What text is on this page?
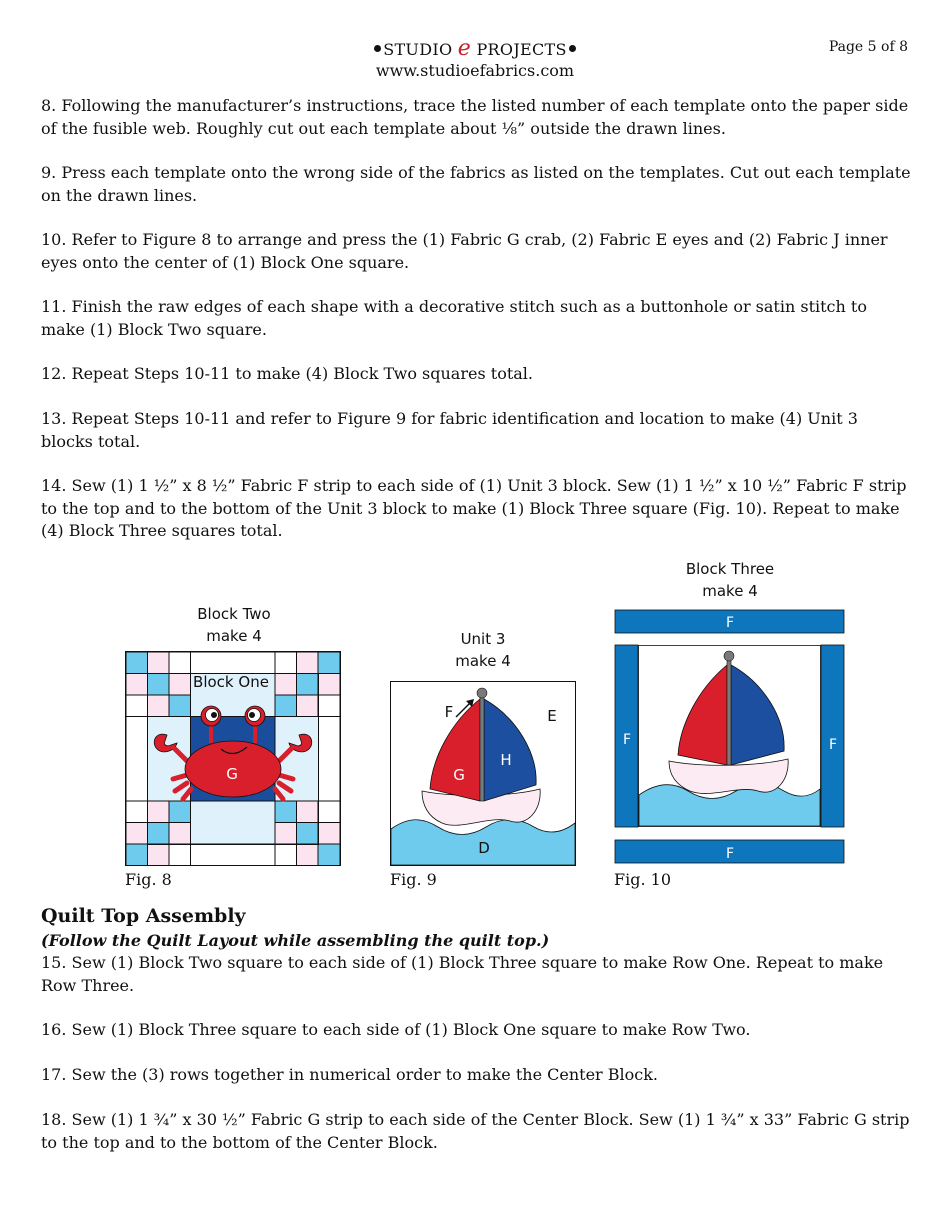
STUDIO e PROJECTS
www.studioefabrics.com
Page 5 of 8

8. Following the manufacturer’s instructions, trace the listed number of each template onto the paper side of the fusible web. Roughly cut out each template about ⅛” outside the drawn lines.

9. Press each template onto the wrong side of the fabrics as listed on the templates. Cut out each template on the drawn lines.

10. Refer to Figure 8 to arrange and press the (1) Fabric G crab, (2) Fabric E eyes and (2) Fabric J inner eyes onto the center of (1) Block One square.

11. Finish the raw edges of each shape with a decorative stitch such as a buttonhole or satin stitch to make (1) Block Two square.

12. Repeat Steps 10-11 to make (4) Block Two squares total.

13. Repeat Steps 10-11 and refer to Figure 9 for fabric identification and location to make (4) Unit 3 blocks total.

14. Sew (1) 1 ½” x 8 ½” Fabric F strip to each side of (1) Unit 3 block. Sew (1) 1 ½” x 10 ½” Fabric F strip to the top and to the bottom of the Unit 3 block to make (1) Block Three square (Fig. 10). Repeat to make (4) Block Three squares total.

Block Two
make 4	Unit 3
make 4
Block Three
make 4
Block One
G
F	E
G
H
D
F
F	F
F
Fig. 8	Fig. 9	Fig. 10
Quilt Top Assembly
(Follow the Quilt Layout while assembling the quilt top.)

15. Sew (1) Block Two square to each side of (1) Block Three square to make Row One. Repeat to make Row Three.

16. Sew (1) Block Three square to each side of (1) Block One square to make Row Two.

17. Sew the (3) rows together in numerical order to make the Center Block.

18. Sew (1) 1 ¾” x 30 ½” Fabric G strip to each side of the Center Block. Sew (1) 1 ¾” x 33” Fabric G strip to the top and to the bottom of the Center Block.
